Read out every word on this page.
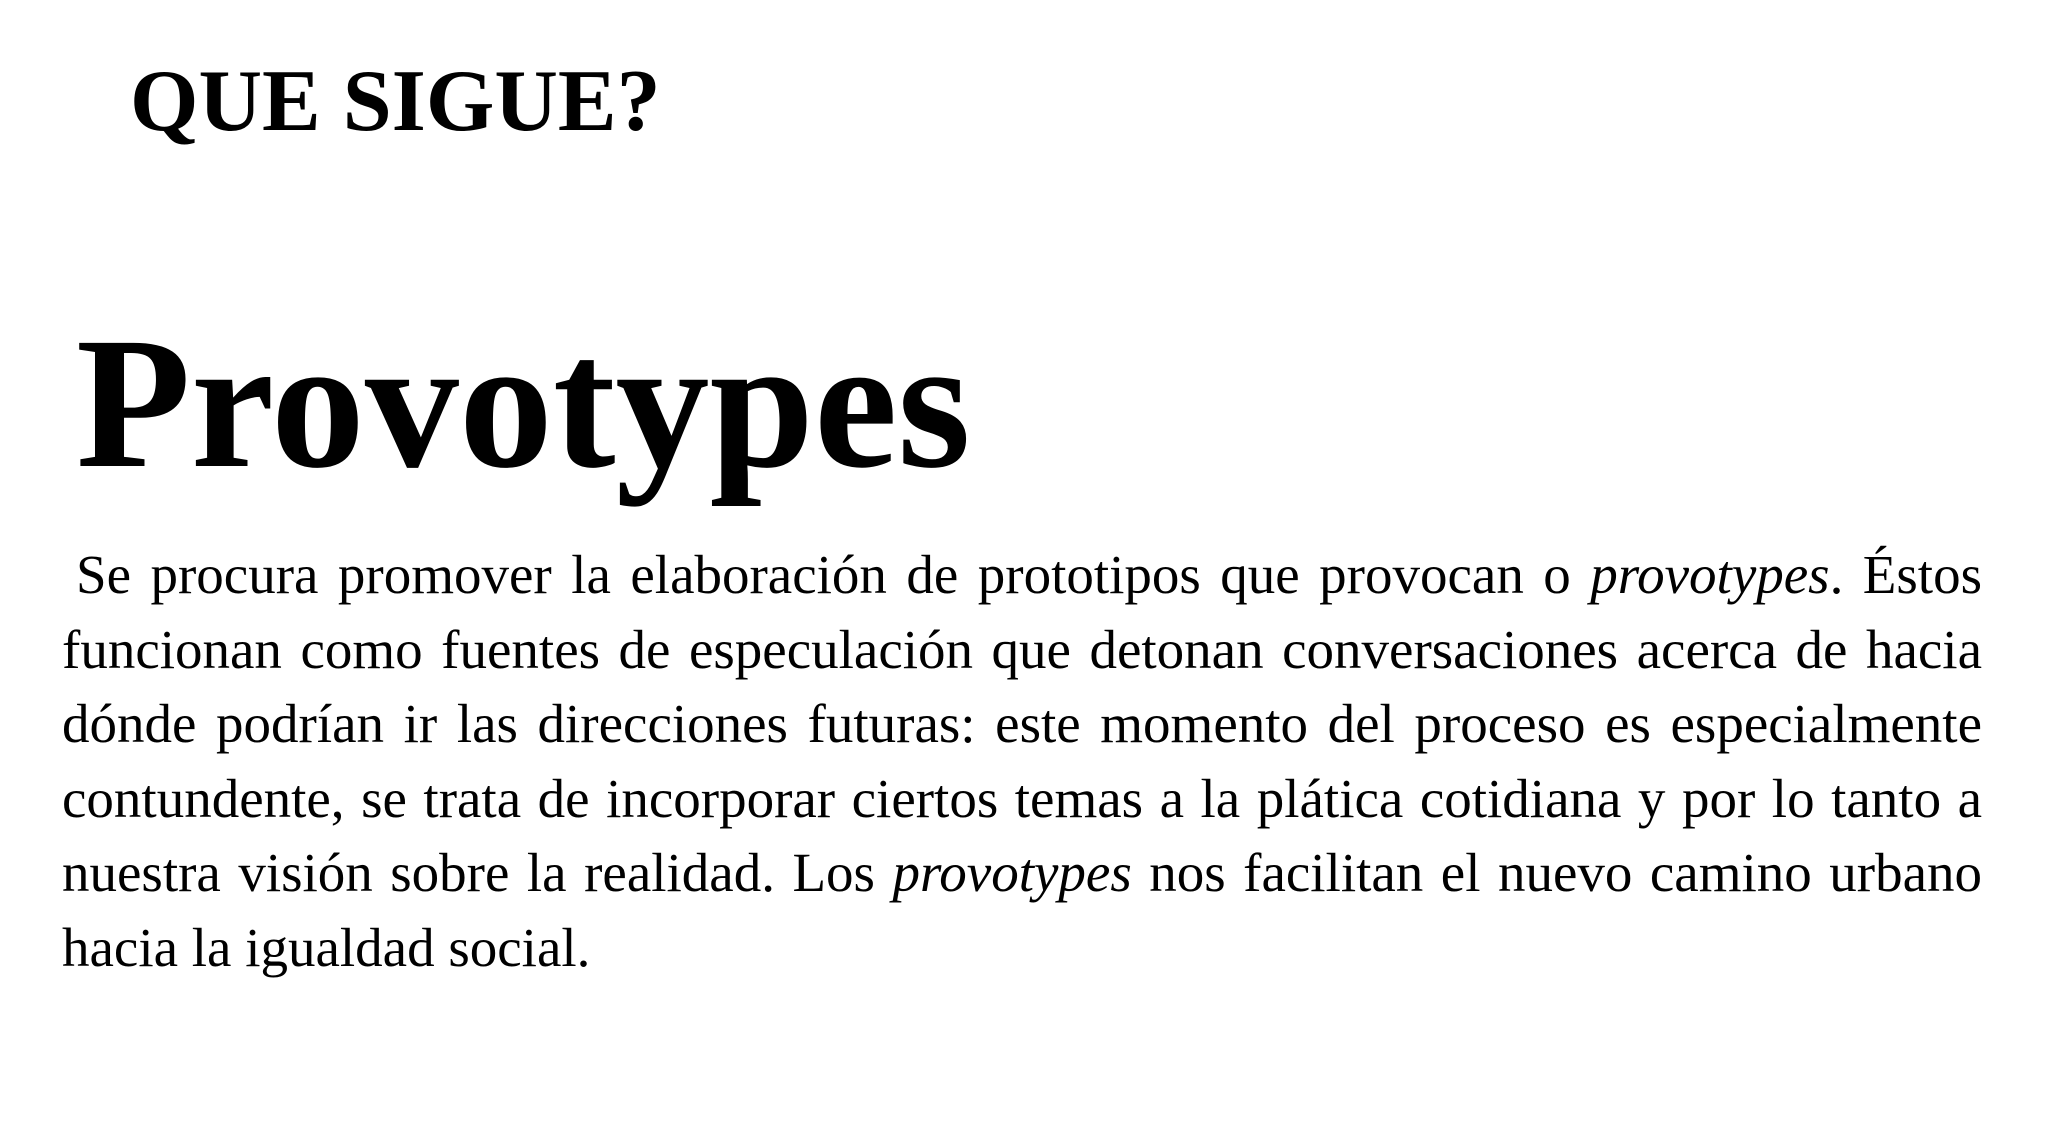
QUE SIGUE?
Provotypes

Se procura promover la elaboración de prototipos que provocan o provotypes. Éstos funcionan como fuentes de especulación que detonan conversaciones acerca de hacia dónde podrían ir las direcciones futuras: este momento del proceso es especialmente contundente, se trata de incorporar ciertos temas a la plática cotidiana y por lo tanto a nuestra visión sobre la realidad. Los provotypes nos facilitan el nuevo camino urbano hacia la igualdad social.
